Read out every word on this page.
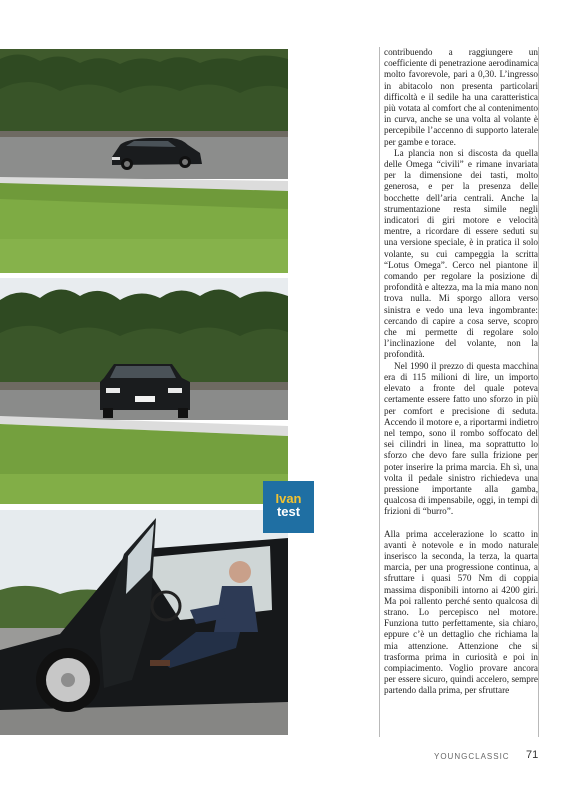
Ivan
test

contribuendo a raggiungere un coefficiente di penetrazione aerodinamica molto favorevole, pari a 0,30. L’ingresso in abitacolo non presenta particolari difficoltà e il sedile ha una caratteristica più votata al comfort che al contenimento in curva, anche se una volta al volante è percepibile l’accenno di supporto laterale per gambe e torace.

La plancia non si discosta da quella delle Omega “civili” e rimane invariata per la dimensione dei tasti, molto generosa, e per la presenza delle bocchette dell’aria centrali. Anche la strumentazione resta simile negli indicatori di giri motore e velocità mentre, a ricordare di essere seduti su una versione speciale, è in pratica il solo volante, su cui campeggia la scritta “Lotus Omega”. Cerco nel piantone il comando per regolare la posizione di profondità e altezza, ma la mia mano non trova nulla. Mi sporgo allora verso sinistra e vedo una leva ingombrante: cercando di capire a cosa serve, scopro che mi permette di regolare solo l’inclinazione del volante, non la profondità.

Nel 1990 il prezzo di questa macchina era di 115 milioni di lire, un importo elevato a fronte del quale poteva certamente essere fatto uno sforzo in più per comfort e precisione di seduta. Accendo il motore e, a riportarmi indietro nel tempo, sono il rombo soffocato del sei cilindri in linea, ma soprattutto lo sforzo che devo fare sulla frizione per poter inserire la prima marcia. Eh sì, una volta il pedale sinistro richiedeva una pressione importante alla gamba, qualcosa di impensabile, oggi, in tempi di frizioni di “burro”.

Alla prima accelerazione lo scatto in avanti è notevole e in modo naturale inserisco la seconda, la terza, la quarta marcia, per una progressione continua, a sfruttare i quasi 570 Nm di coppia massima disponibili intorno ai 4200 giri. Ma poi rallento perché sento qualcosa di strano. Lo percepisco nel motore. Funziona tutto perfettamente, sia chiaro, eppure c’è un dettaglio che richiama la mia attenzione. Attenzione che si trasforma prima in curiosità e poi in compiacimento. Voglio provare ancora per essere sicuro, quindi accelero, sempre partendo dalla prima, per sfruttare

YOUNGCLASSIC 71
